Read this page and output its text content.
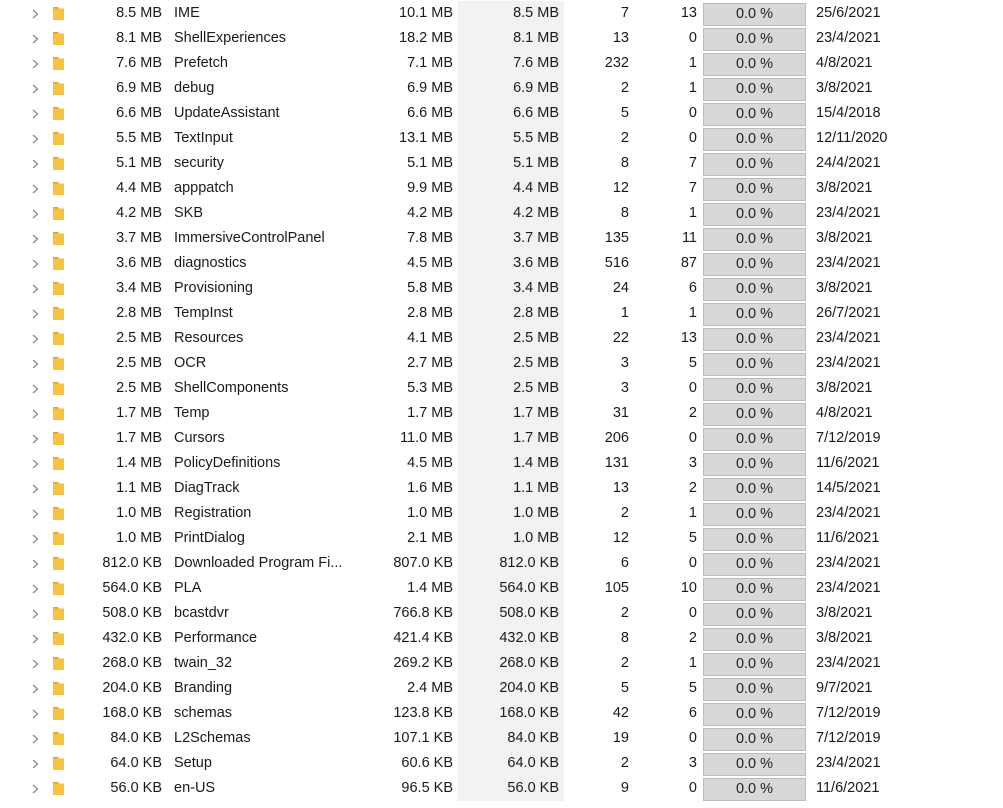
8.5 MB IME	10.1 MB	8.5 MB	7	13	0.0 %	25/6/2021
8.1 MB ShellExperiences	18.2 MB	8.1 MB	13	0	0.0 %	23/4/2021
7.6 MB Prefetch	7.1 MB	7.6 MB	232	1	0.0 %	4/8/2021
6.9 MB debug	6.9 MB	6.9 MB	2	1	0.0 %	3/8/2021
6.6 MB UpdateAssistant	6.6 MB	6.6 MB	5	0	0.0 %	15/4/2018
5.5 MB TextInput	13.1 MB	5.5 MB	2	0	0.0 %	12/11/2020
5.1 MB security	5.1 MB	5.1 MB	8	7	0.0 %	24/4/2021
4.4 MB apppatch	9.9 MB	4.4 MB	12	7	0.0 %	3/8/2021
4.2 MB SKB	4.2 MB	4.2 MB	8	1	0.0 %	23/4/2021
3.7 MB ImmersiveControlPanel	7.8 MB	3.7 MB	135	11	0.0 %	3/8/2021
3.6 MB diagnostics	4.5 MB	3.6 MB	516	87	0.0 %	23/4/2021
3.4 MB Provisioning	5.8 MB	3.4 MB	24	6	0.0 %	3/8/2021
2.8 MB TempInst	2.8 MB	2.8 MB	1	1	0.0 %	26/7/2021
2.5 MB Resources	4.1 MB	2.5 MB	22	13	0.0 %	23/4/2021
2.5 MB OCR	2.7 MB	2.5 MB	3	5	0.0 %	23/4/2021
2.5 MB ShellComponents	5.3 MB	2.5 MB	3	0	0.0 %	3/8/2021
1.7 MB Temp	1.7 MB	1.7 MB	31	2	0.0 %	4/8/2021
1.7 MB Cursors	11.0 MB	1.7 MB	206	0	0.0 %	7/12/2019
1.4 MB PolicyDefinitions	4.5 MB	1.4 MB	131	3	0.0 %	11/6/2021
1.1 MB DiagTrack	1.6 MB	1.1 MB	13	2	0.0 %	14/5/2021
1.0 MB Registration	1.0 MB	1.0 MB	2	1	0.0 %	23/4/2021
1.0 MB PrintDialog	2.1 MB	1.0 MB	12	5	0.0 %	11/6/2021
812.0 KB Downloaded Program Fi...	807.0 KB	812.0 KB	6	0	0.0 %	23/4/2021
564.0 KB PLA	1.4 MB	564.0 KB	105	10	0.0 %	23/4/2021
508.0 KB bcastdvr	766.8 KB	508.0 KB	2	0	0.0 %	3/8/2021
432.0 KB Performance	421.4 KB	432.0 KB	8	2	0.0 %	3/8/2021
268.0 KB twain_32	269.2 KB	268.0 KB	2	1	0.0 %	23/4/2021
204.0 KB Branding	2.4 MB	204.0 KB	5	5	0.0 %	9/7/2021
168.0 KB schemas	123.8 KB	168.0 KB	42	6	0.0 %	7/12/2019
84.0 KB L2Schemas	107.1 KB	84.0 KB	19	0	0.0 %	7/12/2019
64.0 KB Setup	60.6 KB	64.0 KB	2	3	0.0 %	23/4/2021
56.0 KB en-US	96.5 KB	56.0 KB	9	0	0.0 %	11/6/2021
